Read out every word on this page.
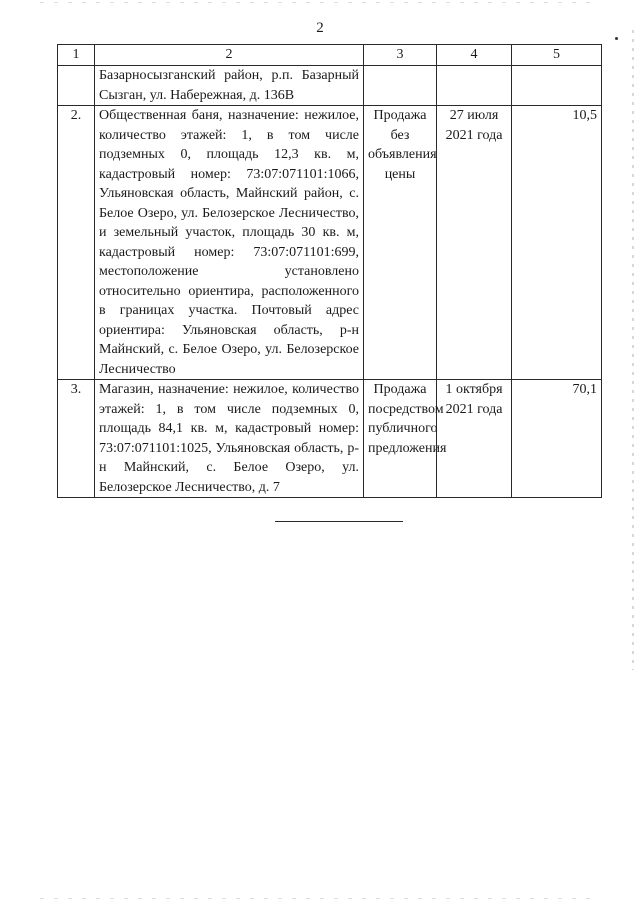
2
1	2	3	4	5
	Базарносызганский район, р.п. Базарный Сызган, ул. Набережная, д. 136В			
2.	Общественная баня, назначение: нежилое, количество этажей: 1, в том числе подземных 0, площадь 12,3 кв. м, кадастровый номер: 73:07:071101:1066, Ульяновская область, Майнский район, с. Белое Озеро, ул. Белозерское Лесничество, и земельный участок, площадь 30 кв. м, кадастровый номер: 73:07:071101:699, местоположение установлено относительно ориентира, расположенного в границах участка. Почтовый адрес ориентира: Ульяновская область, р-н Майнский, с. Белое Озеро, ул. Белозерское Лесничество	Продажа без объявления цены	27 июля 2021 года	10,5
3.	Магазин, назначение: нежилое, количество этажей: 1, в том числе подземных 0, площадь 84,1 кв. м, кадастровый номер: 73:07:071101:1025, Ульяновская область, р-н Майнский, с. Белое Озеро, ул. Белозерское Лесничество, д. 7	Продажа посредством публичного предложения	1 октября 2021 года	70,1
